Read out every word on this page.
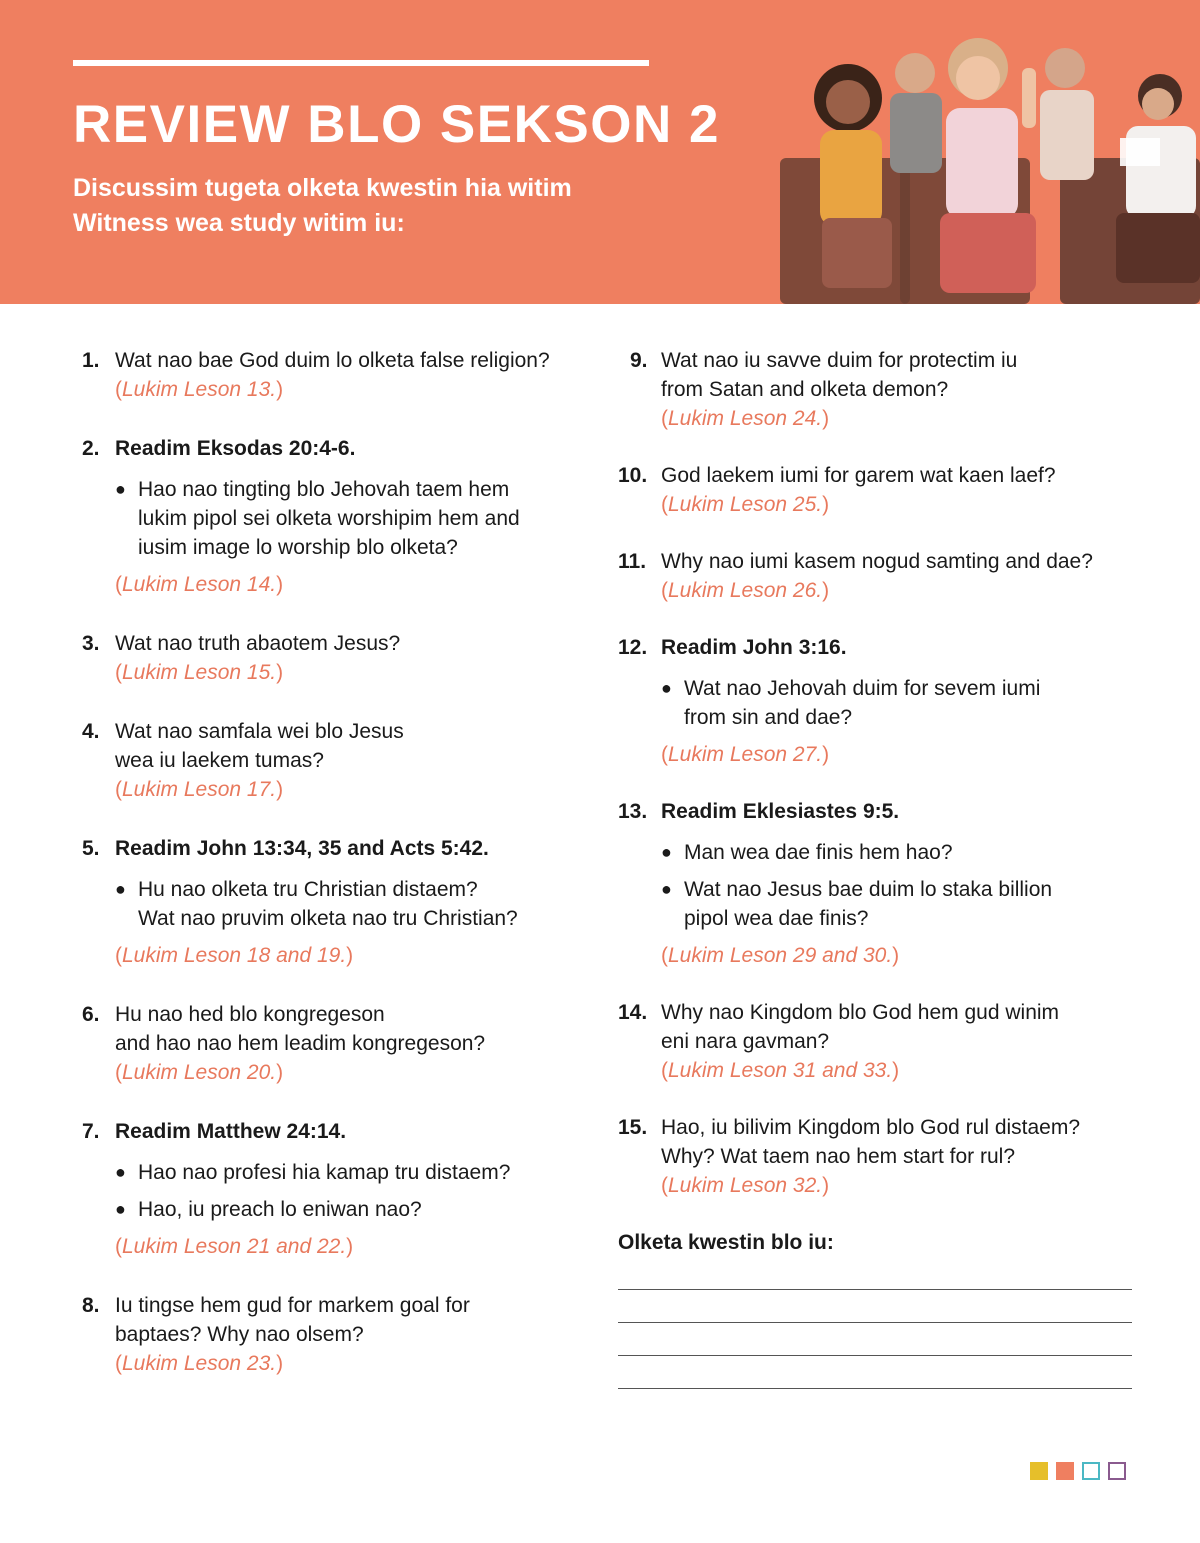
REVIEW BLO SEKSON 2

Discussim tugeta olketa kwestin hia witim
Witness wea study witim iu:

1. Wat nao bae God duim lo olketa false religion?

(Lukim Leson 13.)

2. Readim Eksodas 20:4-6.

● Hao nao tingting blo Jehovah taem hem
lukim pipol sei olketa worshipim hem and
iusim image lo worship blo olketa?

(Lukim Leson 14.)

3. Wat nao truth abaotem Jesus?

(Lukim Leson 15.)

4. Wat nao samfala wei blo Jesus
wea iu laekem tumas?

(Lukim Leson 17.)

5. Readim John 13:34, 35 and Acts 5:42.

● Hu nao olketa tru Christian distaem?
Wat nao pruvim olketa nao tru Christian?

(Lukim Leson 18 and 19.)

6. Hu nao hed blo kongregeson
and hao nao hem leadim kongregeson?

(Lukim Leson 20.)

7. Readim Matthew 24:14.

● Hao nao profesi hia kamap tru distaem?
● Hao, iu preach lo eniwan nao?

(Lukim Leson 21 and 22.)

8. Iu tingse hem gud for markem goal for
baptaes? Why nao olsem?

(Lukim Leson 23.)

9. Wat nao iu savve duim for protectim iu
from Satan and olketa demon?

(Lukim Leson 24.)

10. God laekem iumi for garem wat kaen laef?

(Lukim Leson 25.)

11. Why nao iumi kasem nogud samting and dae?

(Lukim Leson 26.)

12. Readim John 3:16.

● Wat nao Jehovah duim for sevem iumi
from sin and dae?

(Lukim Leson 27.)

13. Readim Eklesiastes 9:5.

● Man wea dae finis hem hao?
● Wat nao Jesus bae duim lo staka billion
pipol wea dae finis?

(Lukim Leson 29 and 30.)

14. Why nao Kingdom blo God hem gud winim
eni nara gavman?

(Lukim Leson 31 and 33.)

15. Hao, iu bilivim Kingdom blo God rul distaem?
Why? Wat taem nao hem start for rul?

(Lukim Leson 32.)

Olketa kwestin blo iu:
